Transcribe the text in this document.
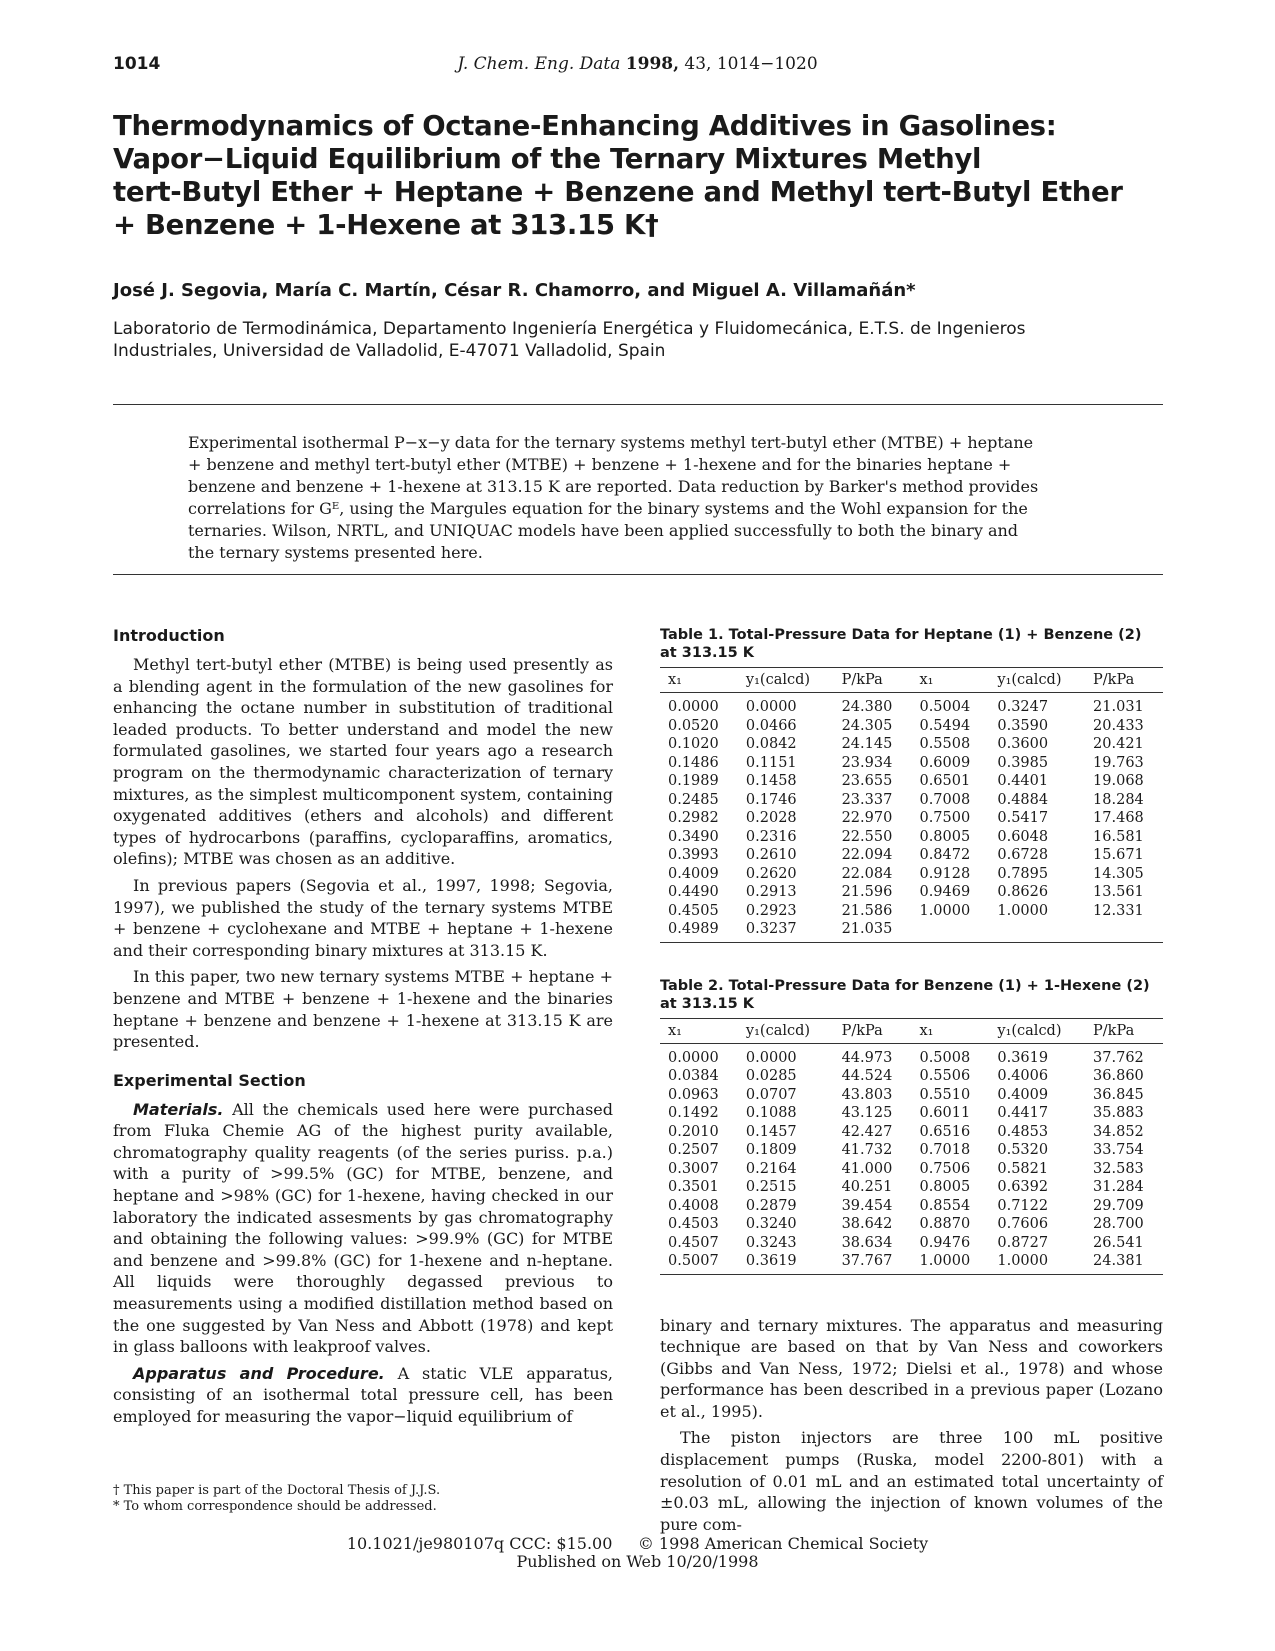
1014	J. Chem. Eng. Data 1998, 43, 1014−1020
Thermodynamics of Octane-Enhancing Additives in Gasolines:
Vapor−Liquid Equilibrium of the Ternary Mixtures Methyl
tert-Butyl Ether + Heptane + Benzene and Methyl tert-Butyl Ether
+ Benzene + 1-Hexene at 313.15 K†
José J. Segovia, María C. Martín, César R. Chamorro, and Miguel A. Villamañán*
Laboratorio de Termodinámica, Departamento Ingeniería Energética y Fluidomecánica, E.T.S. de Ingenieros
Industriales, Universidad de Valladolid, E-47071 Valladolid, Spain
Experimental isothermal P−x−y data for the ternary systems methyl tert-butyl ether (MTBE) + heptane
+ benzene and methyl tert-butyl ether (MTBE) + benzene + 1-hexene and for the binaries heptane +
benzene and benzene + 1-hexene at 313.15 K are reported. Data reduction by Barker's method provides
correlations for Gᴱ, using the Margules equation for the binary systems and the Wohl expansion for the
ternaries. Wilson, NRTL, and UNIQUAC models have been applied successfully to both the binary and
the ternary systems presented here.
Introduction

Methyl tert-butyl ether (MTBE) is being used presently as a blending agent in the formulation of the new gasolines for enhancing the octane number in substitution of traditional leaded products. To better understand and model the new formulated gasolines, we started four years ago a research program on the thermodynamic characterization of ternary mixtures, as the simplest multicomponent system, containing oxygenated additives (ethers and alcohols) and different types of hydrocarbons (paraffins, cycloparaffins, aromatics, olefins); MTBE was chosen as an additive.

In previous papers (Segovia et al., 1997, 1998; Segovia, 1997), we published the study of the ternary systems MTBE + benzene + cyclohexane and MTBE + heptane + 1-hexene and their corresponding binary mixtures at 313.15 K.

In this paper, two new ternary systems MTBE + heptane + benzene and MTBE + benzene + 1-hexene and the binaries heptane + benzene and benzene + 1-hexene at 313.15 K are presented.

Experimental Section

Materials. All the chemicals used here were purchased from Fluka Chemie AG of the highest purity available, chromatography quality reagents (of the series puriss. p.a.) with a purity of >99.5% (GC) for MTBE, benzene, and heptane and >98% (GC) for 1-hexene, having checked in our laboratory the indicated assesments by gas chromatography and obtaining the following values: >99.9% (GC) for MTBE and benzene and >99.8% (GC) for 1-hexene and n-heptane. All liquids were thoroughly degassed previous to measurements using a modified distillation method based on the one suggested by Van Ness and Abbott (1978) and kept in glass balloons with leakproof valves.

Apparatus and Procedure. A static VLE apparatus, consisting of an isothermal total pressure cell, has been employed for measuring the vapor−liquid equilibrium of

Table 1. Total-Pressure Data for Heptane (1) + Benzene (2) at 313.15 K
x₁	y₁(calcd)	P/kPa	x₁	y₁(calcd)	P/kPa
0.0000	0.0000	24.380	0.5004	0.3247	21.031
0.0520	0.0466	24.305	0.5494	0.3590	20.433
0.1020	0.0842	24.145	0.5508	0.3600	20.421
0.1486	0.1151	23.934	0.6009	0.3985	19.763
0.1989	0.1458	23.655	0.6501	0.4401	19.068
0.2485	0.1746	23.337	0.7008	0.4884	18.284
0.2982	0.2028	22.970	0.7500	0.5417	17.468
0.3490	0.2316	22.550	0.8005	0.6048	16.581
0.3993	0.2610	22.094	0.8472	0.6728	15.671
0.4009	0.2620	22.084	0.9128	0.7895	14.305
0.4490	0.2913	21.596	0.9469	0.8626	13.561
0.4505	0.2923	21.586	1.0000	1.0000	12.331
0.4989	0.3237	21.035			
Table 2. Total-Pressure Data for Benzene (1) + 1-Hexene (2) at 313.15 K
x₁	y₁(calcd)	P/kPa	x₁	y₁(calcd)	P/kPa
0.0000	0.0000	44.973	0.5008	0.3619	37.762
0.0384	0.0285	44.524	0.5506	0.4006	36.860
0.0963	0.0707	43.803	0.5510	0.4009	36.845
0.1492	0.1088	43.125	0.6011	0.4417	35.883
0.2010	0.1457	42.427	0.6516	0.4853	34.852
0.2507	0.1809	41.732	0.7018	0.5320	33.754
0.3007	0.2164	41.000	0.7506	0.5821	32.583
0.3501	0.2515	40.251	0.8005	0.6392	31.284
0.4008	0.2879	39.454	0.8554	0.7122	29.709
0.4503	0.3240	38.642	0.8870	0.7606	28.700
0.4507	0.3243	38.634	0.9476	0.8727	26.541
0.5007	0.3619	37.767	1.0000	1.0000	24.381

binary and ternary mixtures. The apparatus and measuring technique are based on that by Van Ness and coworkers (Gibbs and Van Ness, 1972; Dielsi et al., 1978) and whose performance has been described in a previous paper (Lozano et al., 1995).

The piston injectors are three 100 mL positive displacement pumps (Ruska, model 2200-801) with a resolution of 0.01 mL and an estimated total uncertainty of ±0.03 mL, allowing the injection of known volumes of the pure com-

† This paper is part of the Doctoral Thesis of J.J.S.
* To whom correspondence should be addressed.
10.1021/je980107q CCC: $15.00     © 1998 American Chemical Society
Published on Web 10/20/1998
